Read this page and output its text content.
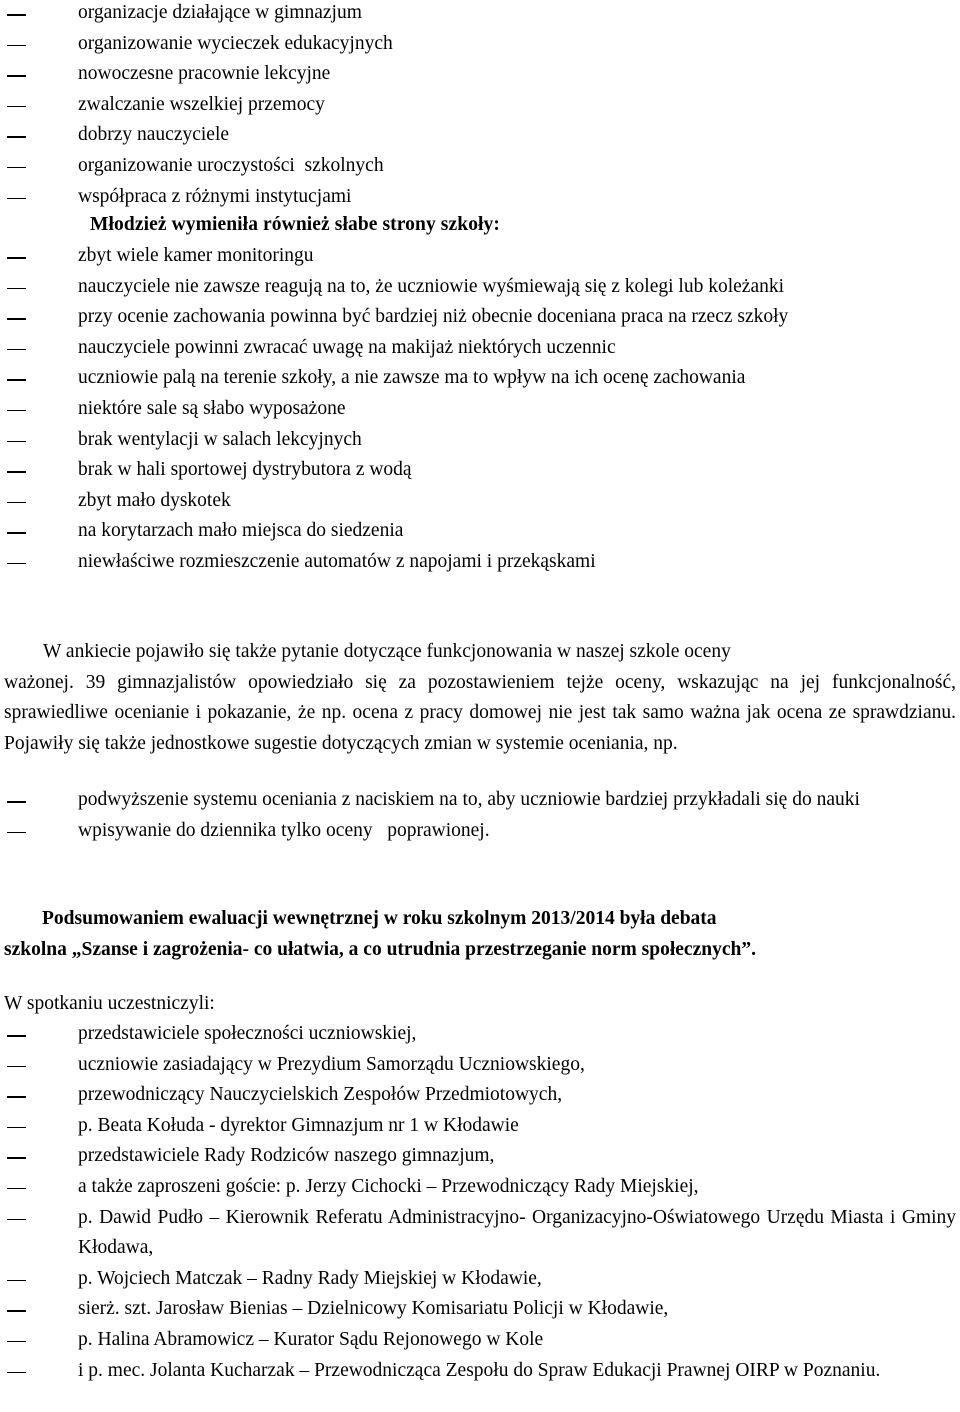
organizacje działające w gimnazjum
organizowanie wycieczek edukacyjnych
nowoczesne pracownie lekcyjne
zwalczanie wszelkiej przemocy
dobrzy nauczyciele
organizowanie uroczystości  szkolnych
współpraca z różnymi instytucjami
Młodzież wymieniła również słabe strony szkoły:
zbyt wiele kamer monitoringu
nauczyciele nie zawsze reagują na to, że uczniowie wyśmiewają się z kolegi lub koleżanki
przy ocenie zachowania powinna być bardziej niż obecnie doceniana praca na rzecz szkoły
nauczyciele powinni zwracać uwagę na makijaż niektórych uczennic
uczniowie palą na terenie szkoły, a nie zawsze ma to wpływ na ich ocenę zachowania
niektóre sale są słabo wyposażone
brak wentylacji w salach lekcyjnych
brak w hali sportowej dystrybutora z wodą
zbyt mało dyskotek
na korytarzach mało miejsca do siedzenia
niewłaściwe rozmieszczenie automatów z napojami i przekąskami
W ankiecie pojawiło się także pytanie dotyczące funkcjonowania w naszej szkole oceny
ważonej. 39 gimnazjalistów opowiedziało się za pozostawieniem tejże oceny, wskazując na jej funkcjonalność, sprawiedliwe ocenianie i pokazanie, że np. ocena z pracy domowej nie jest tak samo ważna jak ocena ze sprawdzianu. Pojawiły się także jednostkowe sugestie dotyczących zmian w systemie oceniania, np.
podwyższenie systemu oceniania z naciskiem na to, aby uczniowie bardziej przykładali się do nauki
wpisywanie do dziennika tylko oceny   poprawionej.
Podsumowaniem ewaluacji wewnętrznej w roku szkolnym 2013/2014 była debata
szkolna „Szanse i zagrożenia- co ułatwia, a co utrudnia przestrzeganie norm społecznych”.
W spotkaniu uczestniczyli:
przedstawiciele społeczności uczniowskiej,
uczniowie zasiadający w Prezydium Samorządu Uczniowskiego,
przewodniczący Nauczycielskich Zespołów Przedmiotowych,
p. Beata Kołuda - dyrektor Gimnazjum nr 1 w Kłodawie
przedstawiciele Rady Rodziców naszego gimnazjum,
a także zaproszeni goście: p. Jerzy Cichocki – Przewodniczący Rady Miejskiej,
p. Dawid Pudło – Kierownik Referatu Administracyjno- Organizacyjno-Oświatowego Urzędu Miasta i Gminy Kłodawa,
p. Wojciech Matczak – Radny Rady Miejskiej w Kłodawie,
sierż. szt. Jarosław Bienias – Dzielnicowy Komisariatu Policji w Kłodawie,
p. Halina Abramowicz – Kurator Sądu Rejonowego w Kole
i p. mec. Jolanta Kucharzak – Przewodnicząca Zespołu do Spraw Edukacji Prawnej OIRP w Poznaniu.
